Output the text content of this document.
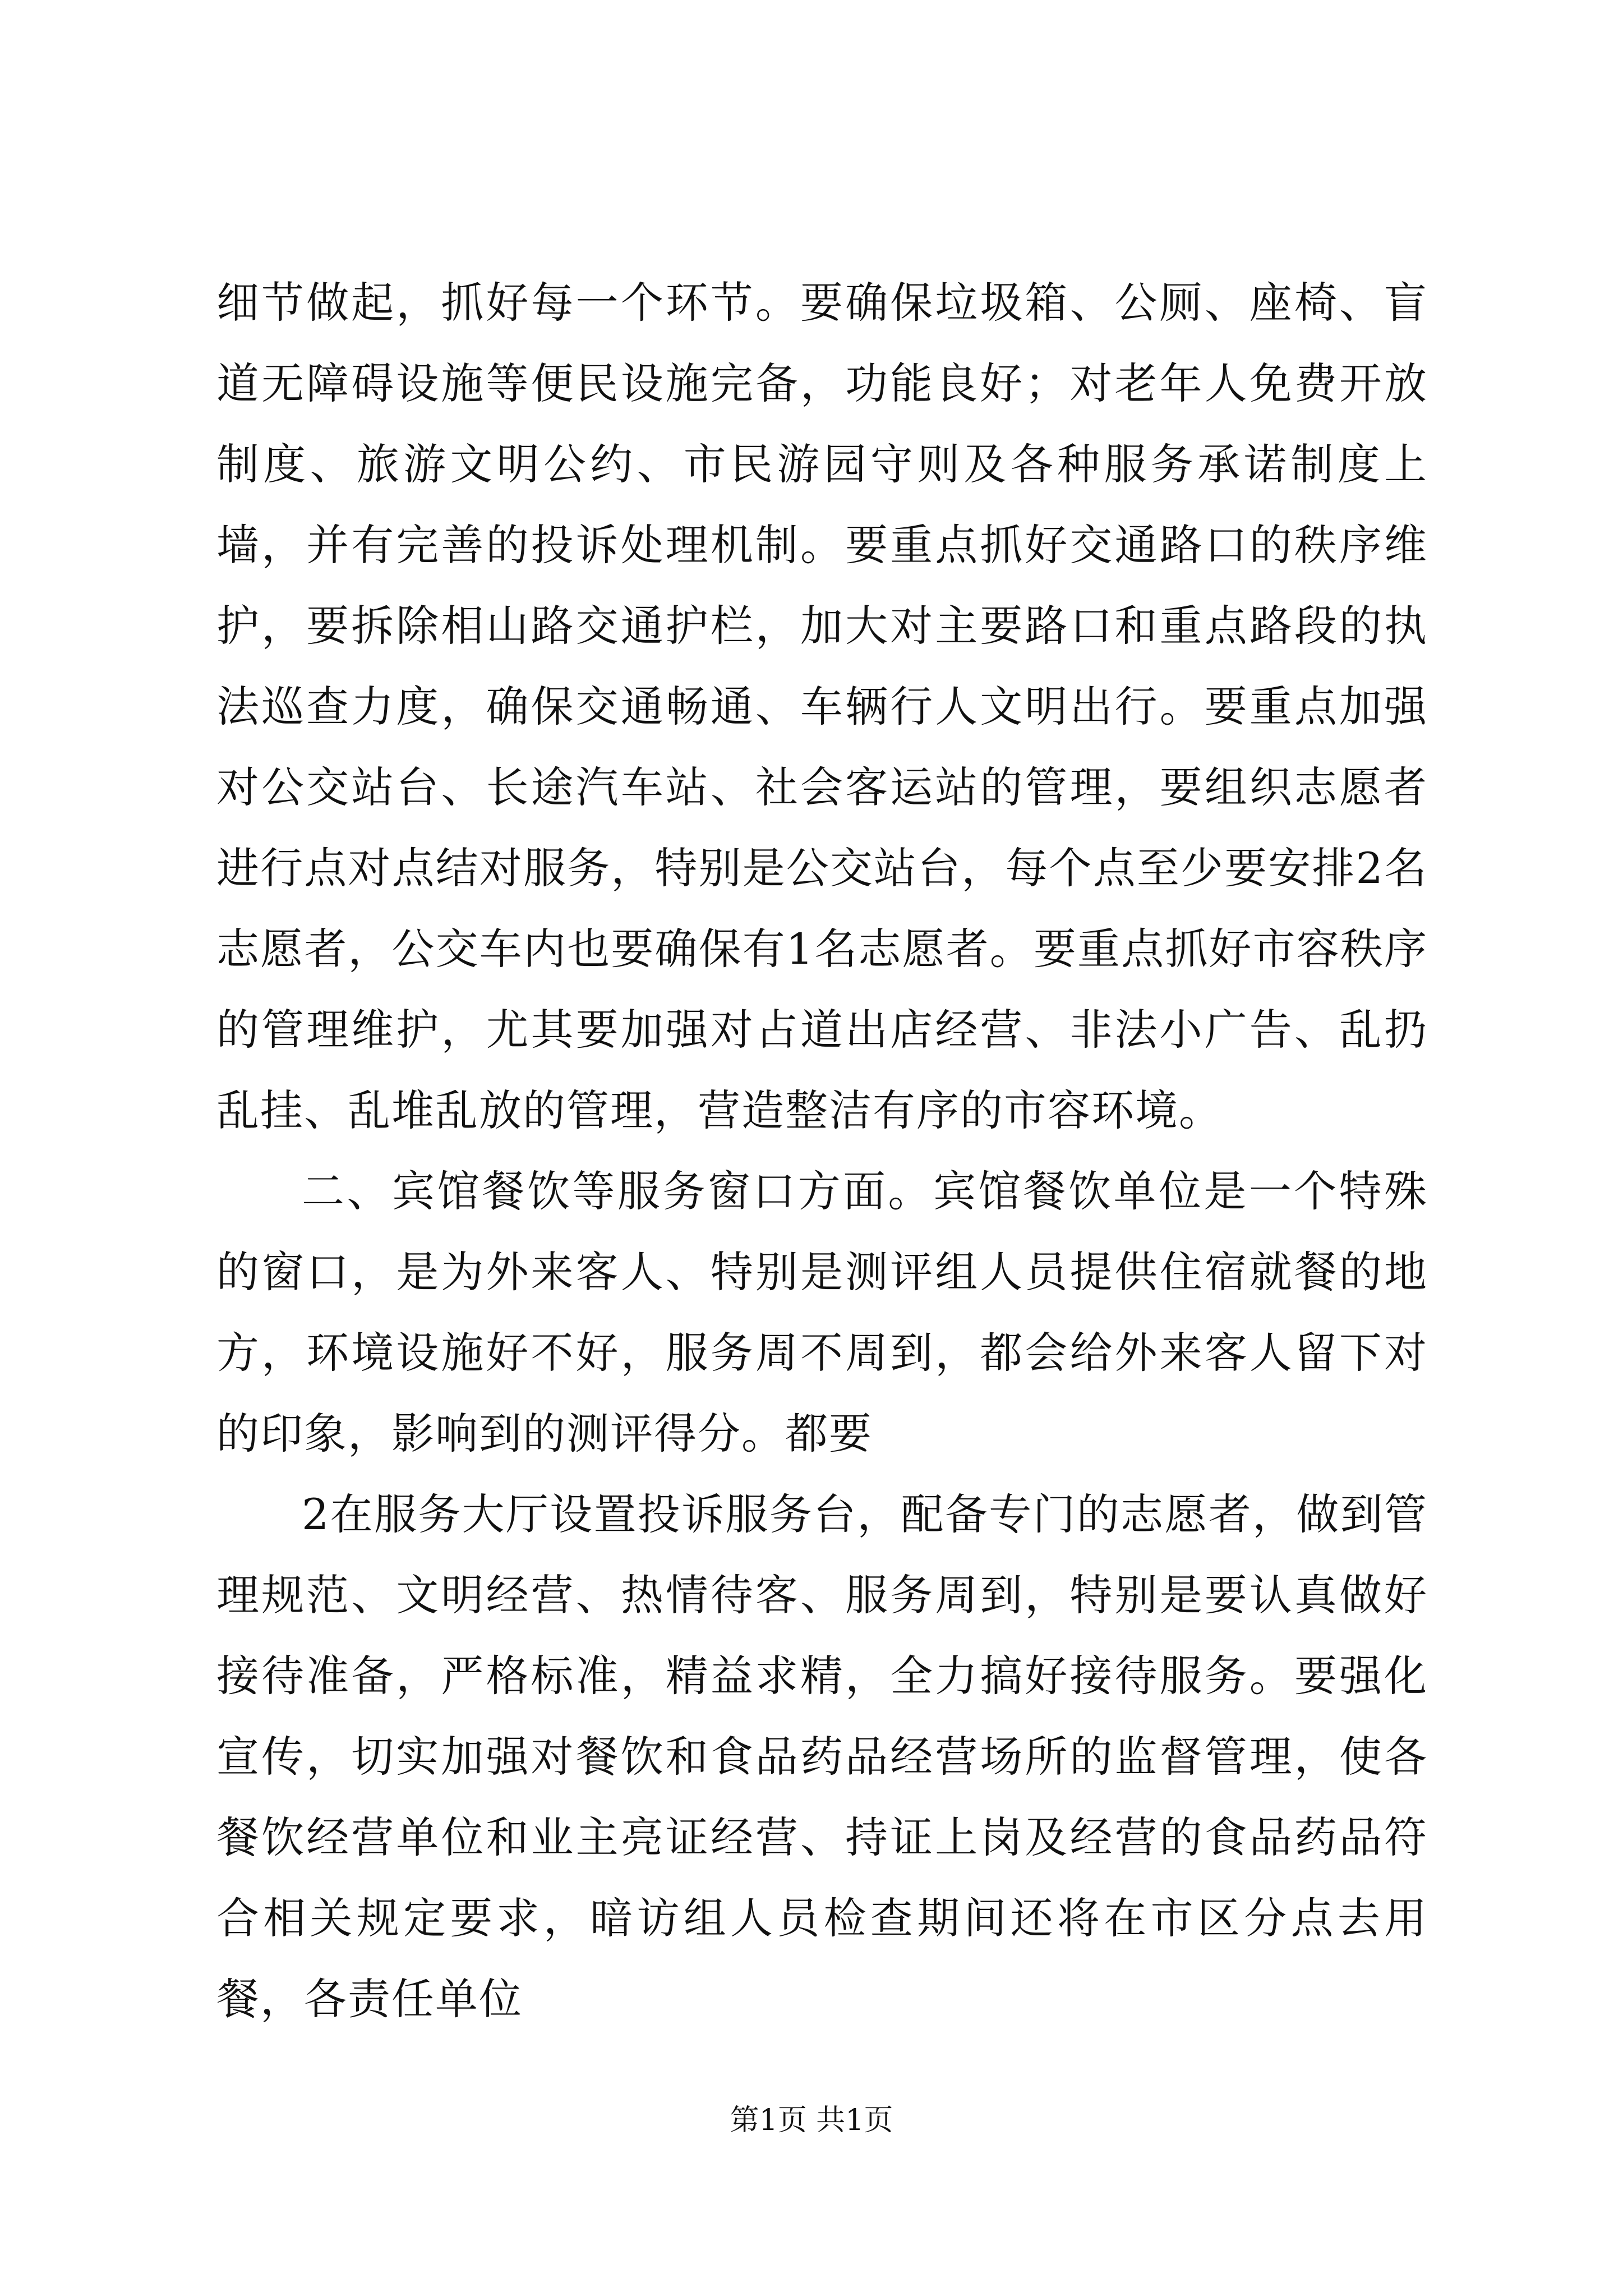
细节做起，抓好每一个环节。要确保垃圾箱、公厕、座椅、盲道无障碍设施等便民设施完备，功能良好；对老年人免费开放制度、旅游文明公约、市民游园守则及各种服务承诺制度上墙，并有完善的投诉处理机制。要重点抓好交通路口的秩序维护，要拆除相山路交通护栏，加大对主要路口和重点路段的执法巡查力度，确保交通畅通、车辆行人文明出行。要重点加强对公交站台、长途汽车站、社会客运站的管理，要组织志愿者进行点对点结对服务，特别是公交站台，每个点至少要安排2名志愿者，公交车内也要确保有1名志愿者。要重点抓好市容秩序的管理维护，尤其要加强对占道出店经营、非法小广告、乱扔乱挂、乱堆乱放的管理，营造整洁有序的市容环境。

二、宾馆餐饮等服务窗口方面。宾馆餐饮单位是一个特殊的窗口，是为外来客人、特别是测评组人员提供住宿就餐的地方，环境设施好不好，服务周不周到，都会给外来客人留下对的印象，影响到的测评得分。都要

2在服务大厅设置投诉服务台，配备专门的志愿者，做到管理规范、文明经营、热情待客、服务周到，特别是要认真做好接待准备，严格标准，精益求精，全力搞好接待服务。要强化宣传，切实加强对餐饮和食品药品经营场所的监督管理，使各餐饮经营单位和业主亮证经营、持证上岗及经营的食品药品符合相关规定要求，暗访组人员检查期间还将在市区分点去用餐，各责任单位

第1页 共1页
